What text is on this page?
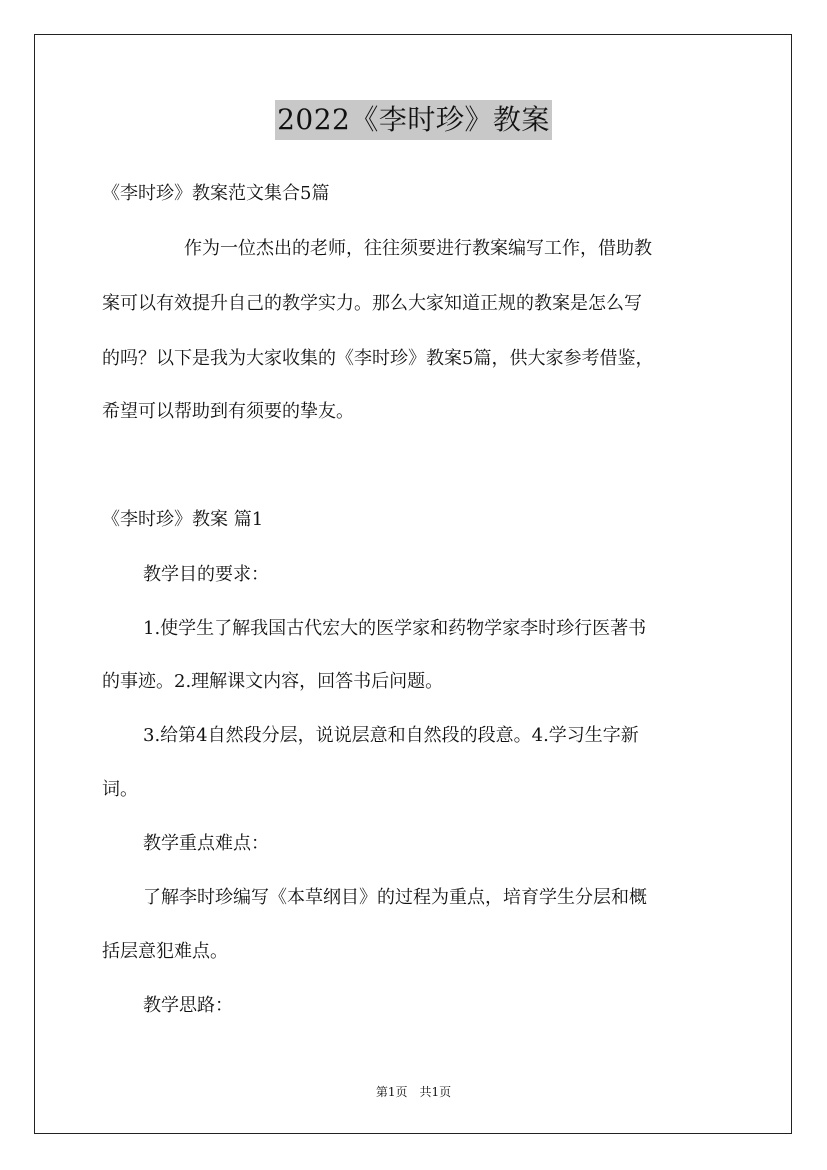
2022《李时珍》教案
《李时珍》教案范文集合5篇
作为一位杰出的老师，往往须要进行教案编写工作，借助教
案可以有效提升自己的教学实力。那么大家知道正规的教案是怎么写
的吗？以下是我为大家收集的《李时珍》教案5篇，供大家参考借鉴，
希望可以帮助到有须要的挚友。
《李时珍》教案 篇1
教学目的要求：
1.使学生了解我国古代宏大的医学家和药物学家李时珍行医著书
的事迹。2.理解课文内容，回答书后问题。
3.给第4自然段分层，说说层意和自然段的段意。4.学习生字新
词。
教学重点难点：
了解李时珍编写《本草纲目》的过程为重点，培育学生分层和概
括层意犯难点。
教学思路：
第1页　共1页
